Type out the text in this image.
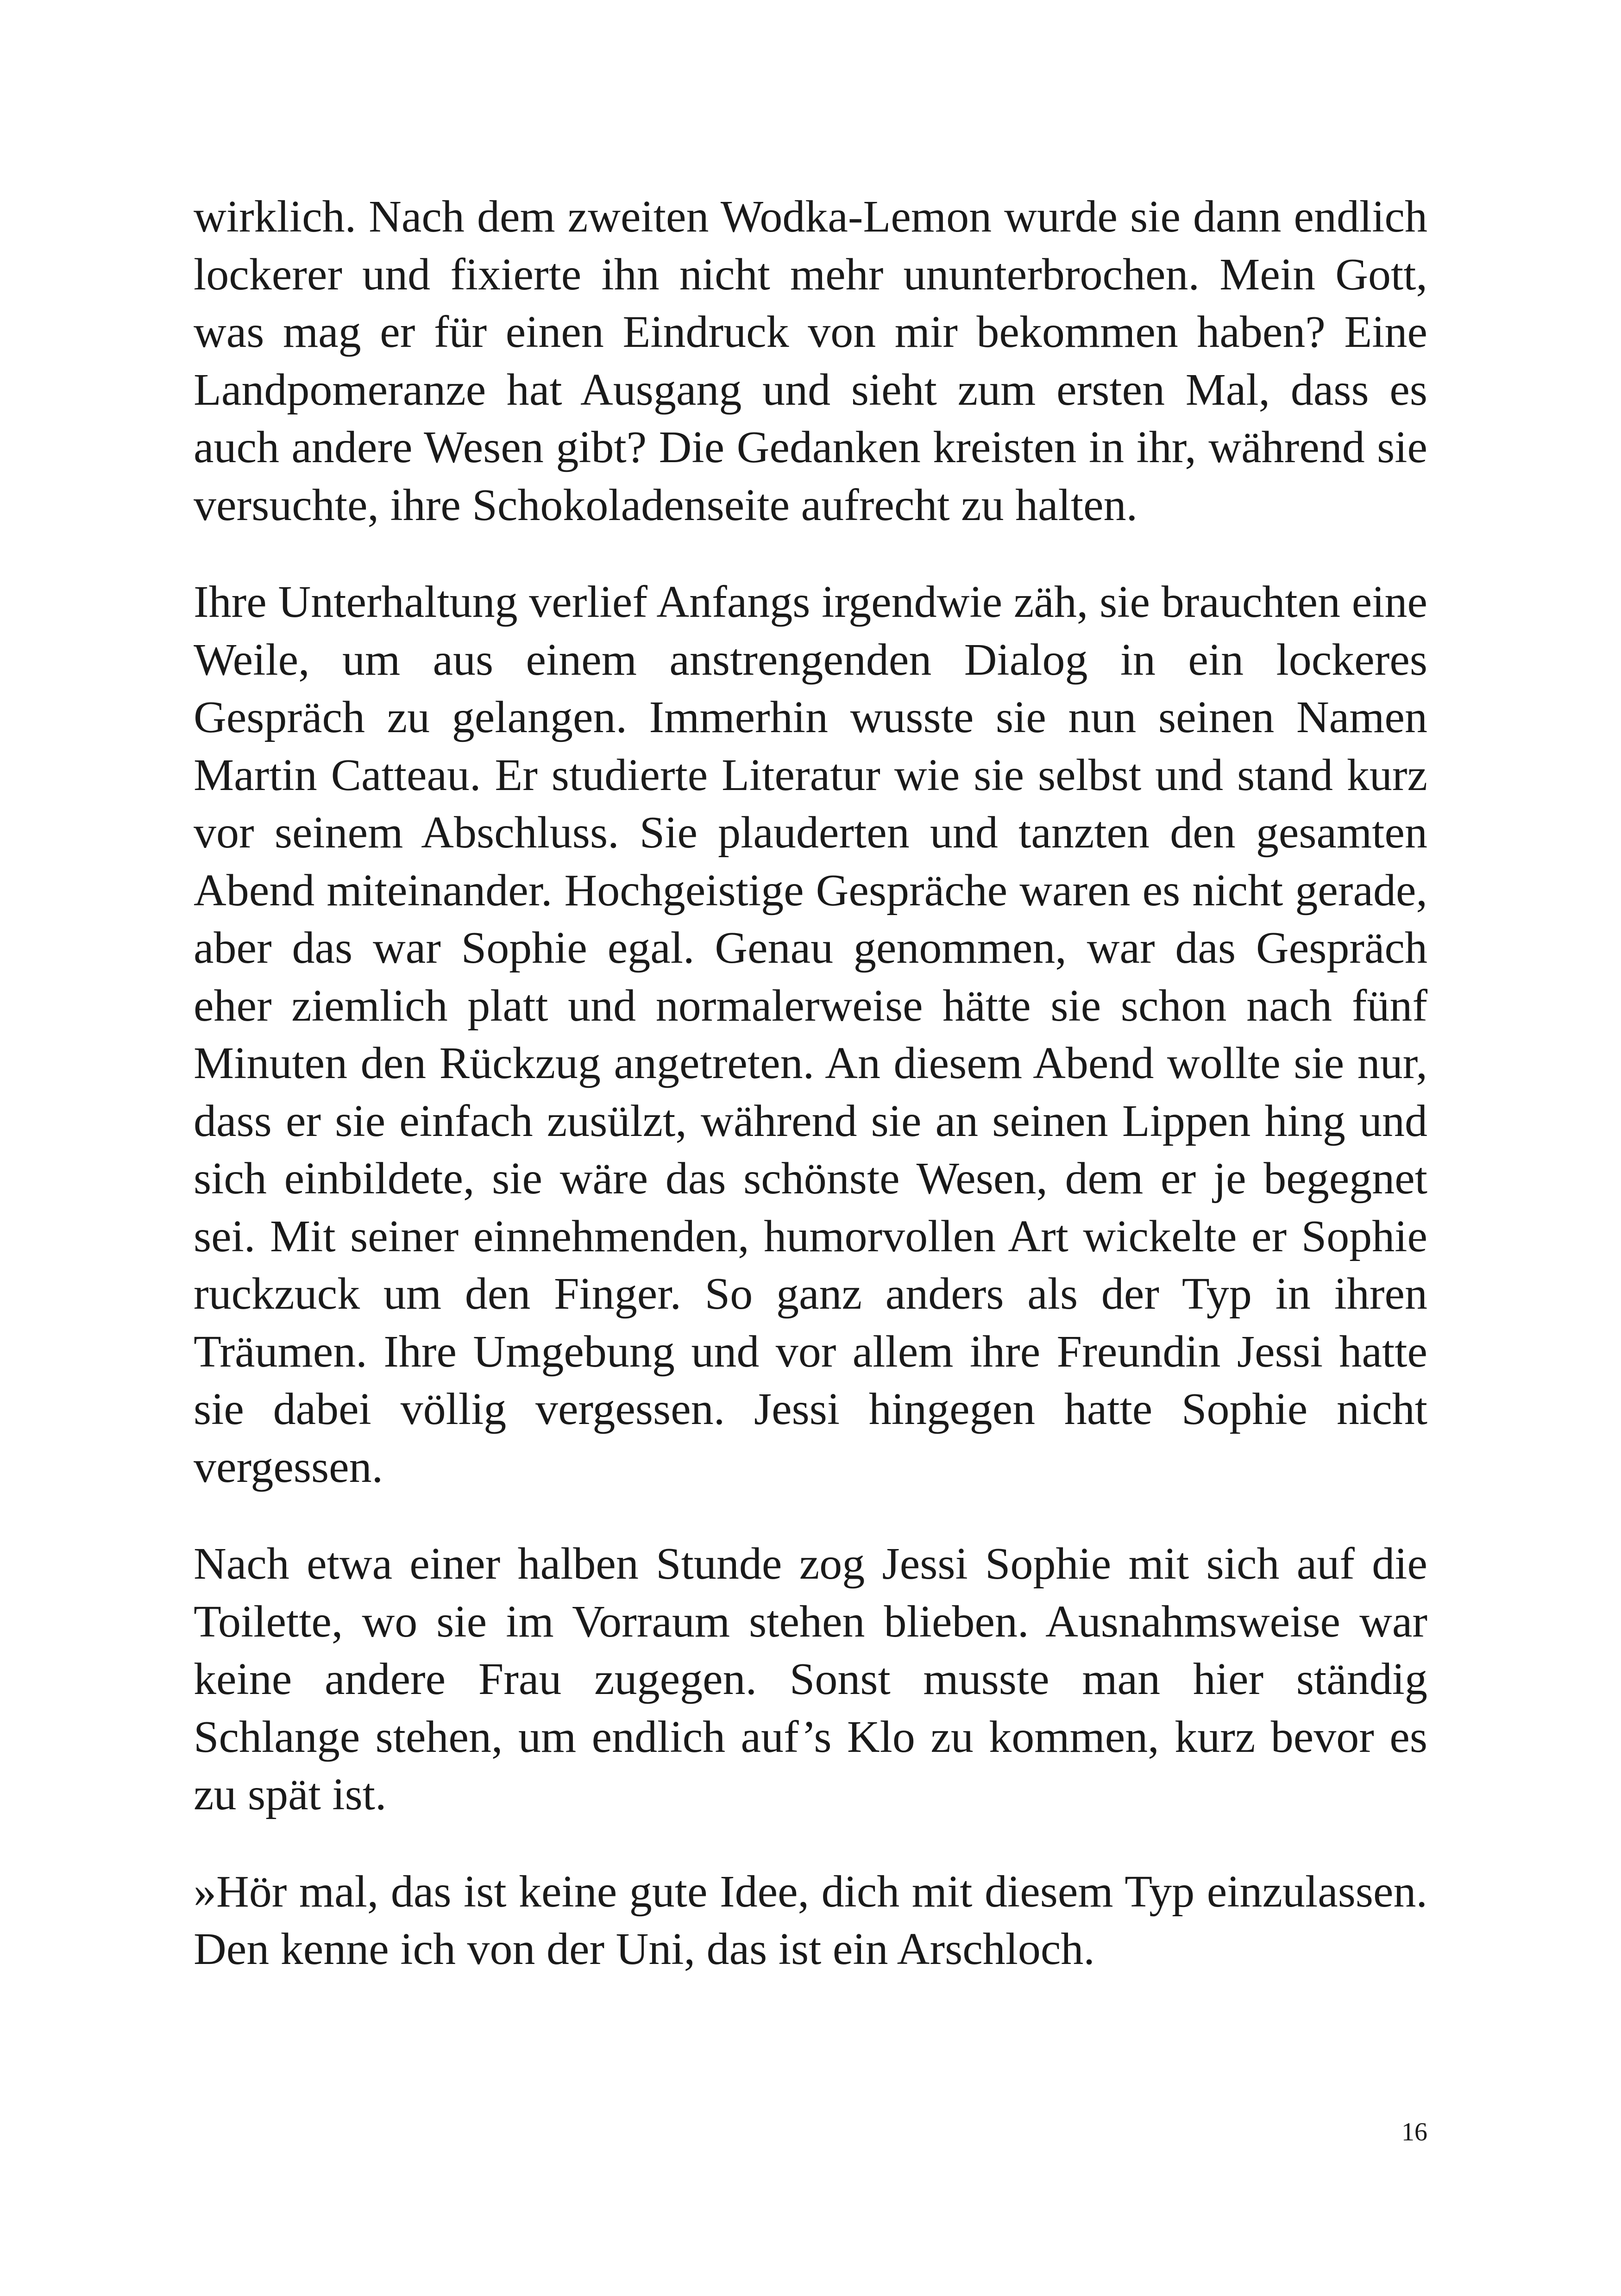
wirklich. Nach dem zweiten Wodka-Lemon wurde sie dann endlich lockerer und fixierte ihn nicht mehr ununterbrochen. Mein Gott, was mag er für einen Eindruck von mir bekommen haben? Eine Landpomeranze hat Ausgang und sieht zum ersten Mal, dass es auch andere Wesen gibt? Die Gedanken kreisten in ihr, während sie versuchte, ihre Schokoladenseite aufrecht zu halten.

Ihre Unterhaltung verlief Anfangs irgendwie zäh, sie brauchten eine Weile, um aus einem anstrengenden Dialog in ein lockeres Gespräch zu gelangen. Immerhin wusste sie nun seinen Namen Martin Catteau. Er studierte Literatur wie sie selbst und stand kurz vor seinem Abschluss. Sie plauderten und tanzten den gesamten Abend miteinander. Hochgeistige Gespräche waren es nicht gerade, aber das war Sophie egal. Genau genommen, war das Gespräch eher ziemlich platt und normalerweise hätte sie schon nach fünf Minuten den Rückzug angetreten. An diesem Abend wollte sie nur, dass er sie einfach zusülzt, während sie an seinen Lippen hing und sich einbildete, sie wäre das schönste Wesen, dem er je begegnet sei. Mit seiner einnehmenden, humorvollen Art wickelte er Sophie ruckzuck um den Finger. So ganz anders als der Typ in ihren Träumen. Ihre Umgebung und vor allem ihre Freundin Jessi hatte sie dabei völlig vergessen. Jessi hingegen hatte Sophie nicht vergessen.

Nach etwa einer halben Stunde zog Jessi Sophie mit sich auf die Toilette, wo sie im Vorraum stehen blieben. Ausnahmsweise war keine andere Frau zugegen. Sonst musste man hier ständig Schlange stehen, um endlich auf’s Klo zu kommen, kurz bevor es zu spät ist.

»Hör mal, das ist keine gute Idee, dich mit diesem Typ einzulassen. Den kenne ich von der Uni, das ist ein Arschloch.

16
